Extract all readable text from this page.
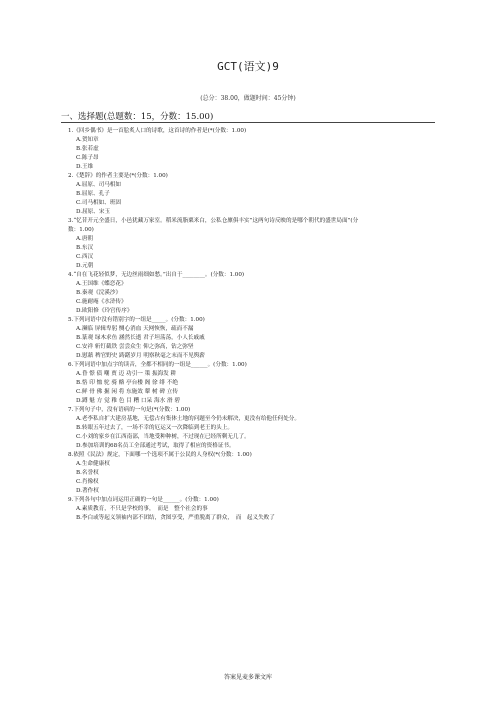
GCT(语文)9
(总分：38.00，做题时间：45分钟)
一、选择题(总题数：15，分数：15.00)
1.《回乡偶书》是一首脍炙人口的诗歌，这首诗的作者是(*(分数：1.00)
A.贺知章
B.张若虚
C.陈子昂
D.王维
2.《楚辞》的作者主要是(*(分数：1.00)
A.屈原、司马相如
B.屈原、孔子
C.司马相如、班固
D.屈原、宋玉
3.“忆昔开元全盛日，小邑犹藏万家室。稻米流脂粟米白，公私仓廪俱丰实”这两句诗反映的是哪个朝代的盛世局面”(分数：1.00)
A.唐朝
B.东汉
C.西汉
D.元朝
4.“自在飞花轻似梦，无边丝雨细如愁。”出自于________。(分数：1.00)
A.王国维《蝶恋花》
B.秦观《浣溪沙》
C.施耐庵《水浒传》
D.欧阳修《玲官传序》
5.下列词语中没有错别字的一组是_____。(分数：1.00)
A.濒临 屏辑卑躬 恻心消血 天网恢恢，疏而不漏
B.篆观 绿木求鱼 涵然长逝 君子坦荡荡，小人长戚戚
C.安祥 斩钉截铁 尝尝众生 仰之弥高，钻之弥坚
D.慰藉 稗官野史 踌躇岁月 明察秋毫之末而不见舆薪
6.下列词语中加点字的读音，全都不相同的一组是______。(分数：1.00)
A.昏 憬 债 嘲 贾 迈 功引一 策 振海发 耕
B.恪 印 恤 驼 骑 酪 亭台楼 阁 徐 绯 不绝
C.鲜 骨 佛 掘 闲 将 东施效 颦 树 碑 立传
D.蹲 魁 方 觉 稚 色 目 糟 口呆 海水 滑 碧
7.下列句子中，没有语病的一句是(*(分数：1.00)
A.老李私自扩大建房基地，无偿占有集体土地的问题至今仍未解决，更没有给他任何处分。
B.转眼五年过去了，一场不幸的厄运又一次降临到老王的头上。
C.小刘的家乡在江西南部，当地受种种树，不过现在已经所剩无几了。
D.参加培训的68名员工全部通过考试，取得了相应的资格证书。
8.依照《民法》规定，下面哪一个选项不属于公民的人身权(*(分数：1.00)
A.生命健康权
B.名誉权
C.肖像权
D.著作权
9.下列各句中加点词运用正确的一句是______。(分数：1.00)
A.素质教育，不只是学校的事，　而是　整个社会的事
B.李白或等起义领袖内部不团结，贪图享受，严重脱离了群众，　而　起义失败了
答案见麦多课文库
